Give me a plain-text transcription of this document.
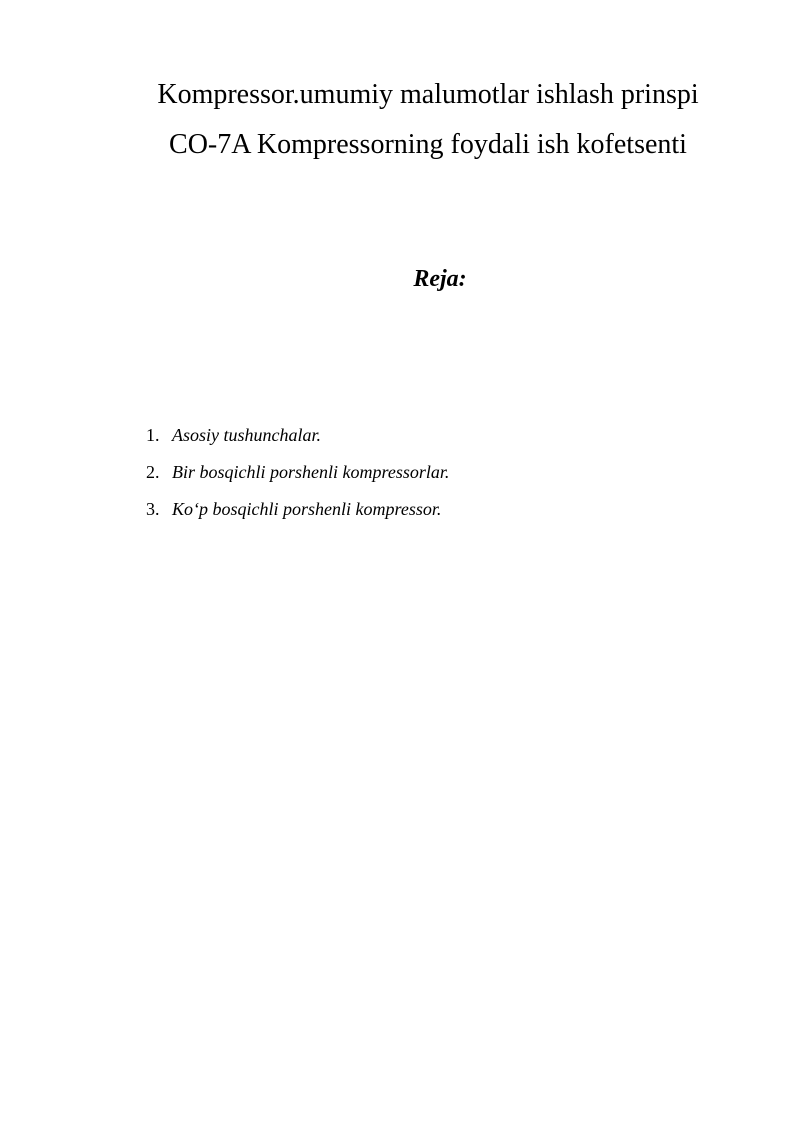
Kompressor.umumiy malumotlar ishlash prinspi
CO-7A Kompressorning foydali ish kofetsenti
Reja:
1. Asosiy tushunchalar.
2. Bir bosqichli porshenli kompressorlar.
3. Ko‘p bosqichli porshenli kompressor.
